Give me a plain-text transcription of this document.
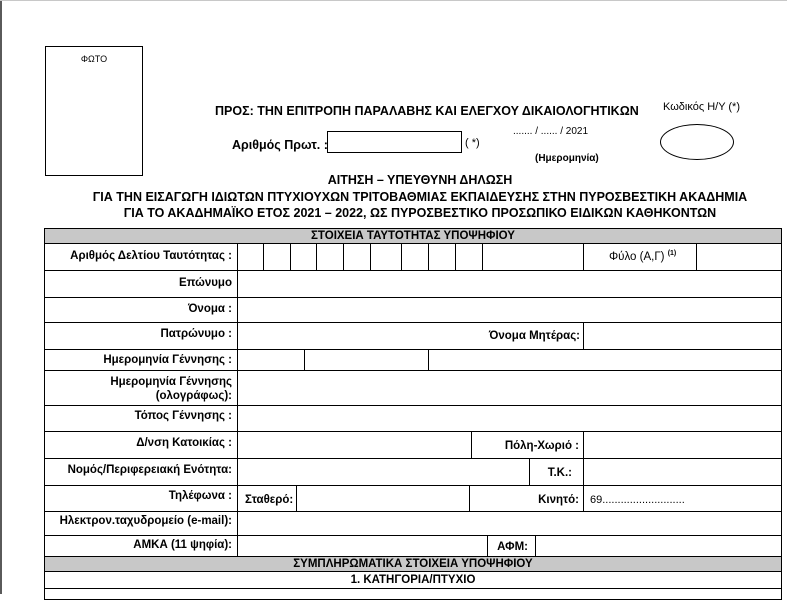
ΦΩΤΟ
ΠΡΟΣ: ΤΗΝ ΕΠΙΤΡΟΠΗ ΠΑΡΑΛΑΒΗΣ ΚΑΙ ΕΛΕΓΧΟΥ ΔΙΚΑΙΟΛΟΓΗΤΙΚΩΝ Κωδικός Η/Υ (*)
....... / ...... / 2021
Αριθμός Πρωτ. :	( *)
(Ημερομηνία)
ΑΙΤΗΣΗ – ΥΠΕΥΘΥΝΗ ΔΗΛΩΣΗ
ΓΙΑ ΤΗΝ ΕΙΣΑΓΩΓΗ ΙΔΙΩΤΩΝ ΠΤΥΧΙΟΥΧΩΝ ΤΡΙΤΟΒΑΘΜΙΑΣ ΕΚΠΑΙΔΕΥΣΗΣ ΣΤΗΝ ΠΥΡΟΣΒΕΣΤΙΚΗ ΑΚΑΔΗΜΙΑ
ΓΙΑ ΤΟ ΑΚΑΔΗΜΑΪΚΟ ΕΤΟΣ 2021 – 2022, ΩΣ ΠΥΡΟΣΒΕΣΤΙΚΟ ΠΡΟΣΩΠΙΚΟ ΕΙΔΙΚΩΝ ΚΑΘΗΚΟΝΤΩΝ
ΣΤΟΙΧΕΙΑ ΤΑΥΤΟΤΗΤΑΣ ΥΠΟΨΗΦΙΟΥ
Αριθμός Δελτίου Ταυτότητας :	Φύλο (Α,Γ) $^{(1)}$
Επώνυμο
Όνομα :
Πατρώνυμο :	Όνομα Μητέρας:
Ημερομηνία Γέννησης :
Ημερομηνία Γέννησης
(ολογράφως):
Τόπος Γέννησης :
Δ/νση Κατοικίας :	Πόλη-Χωριό :
Νομός/Περιφερειακή Ενότητα:	Τ.Κ.:
Τηλέφωνα : Σταθερό:	Κινητό: 69...........................
Ηλεκτρον.ταχυδρομείο (e-mail):
ΑΜΚΑ (11 ψηφία):	ΑΦΜ:
ΣΥΜΠΛΗΡΩΜΑΤΙΚΑ ΣΤΟΙΧΕΙΑ ΥΠΟΨΗΦΙΟΥ
1. ΚΑΤΗΓΟΡΙΑ/ΠΤΥΧΙΟ
